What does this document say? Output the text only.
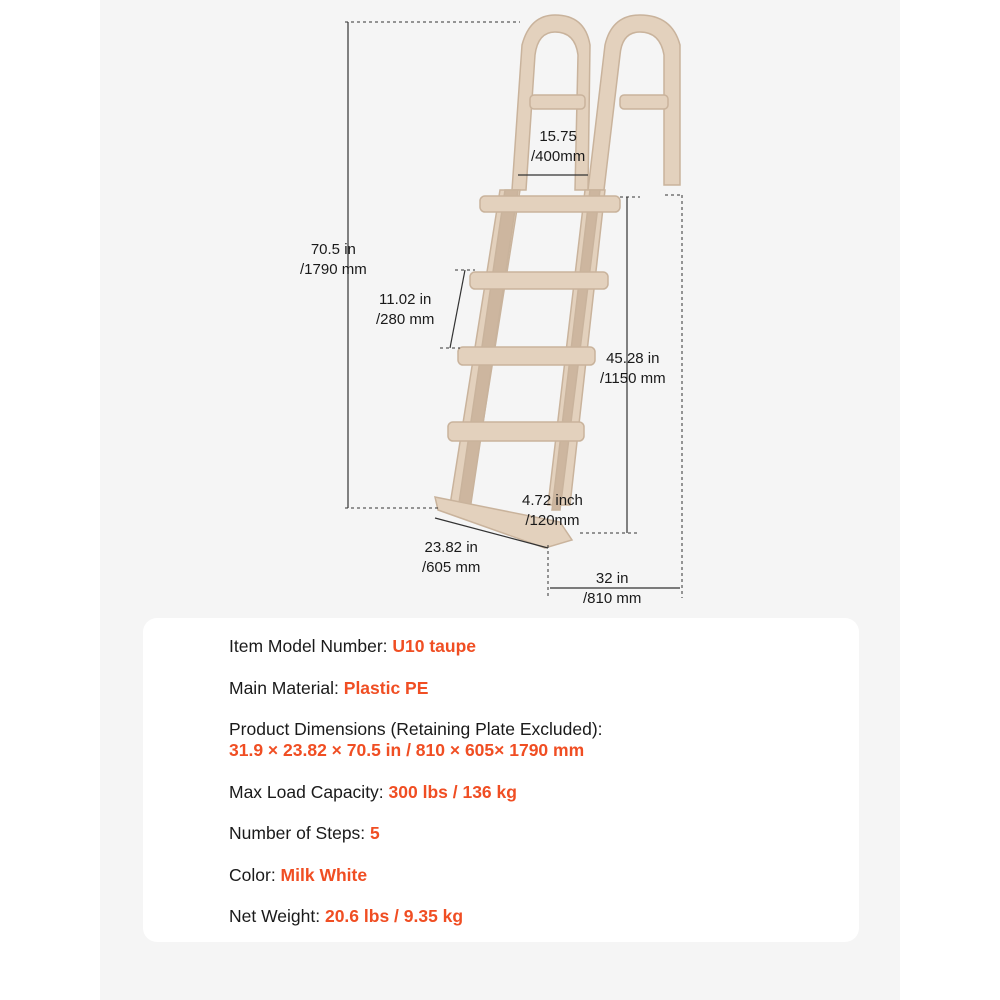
70.5 in
/1790 mm
15.75
/400mm
11.02 in
/280 mm
45.28 in
/1150 mm
4.72 inch
/120mm
23.82 in
/605 mm
32 in
/810 mm
Item Model Number: U10 taupe
Main Material: Plastic PE
Product Dimensions (Retaining Plate Excluded):
31.9 × 23.82 × 70.5 in / 810 × 605× 1790 mm
Max Load Capacity: 300 lbs / 136 kg
Number of Steps: 5
Color: Milk White
Net Weight: 20.6 lbs / 9.35 kg
